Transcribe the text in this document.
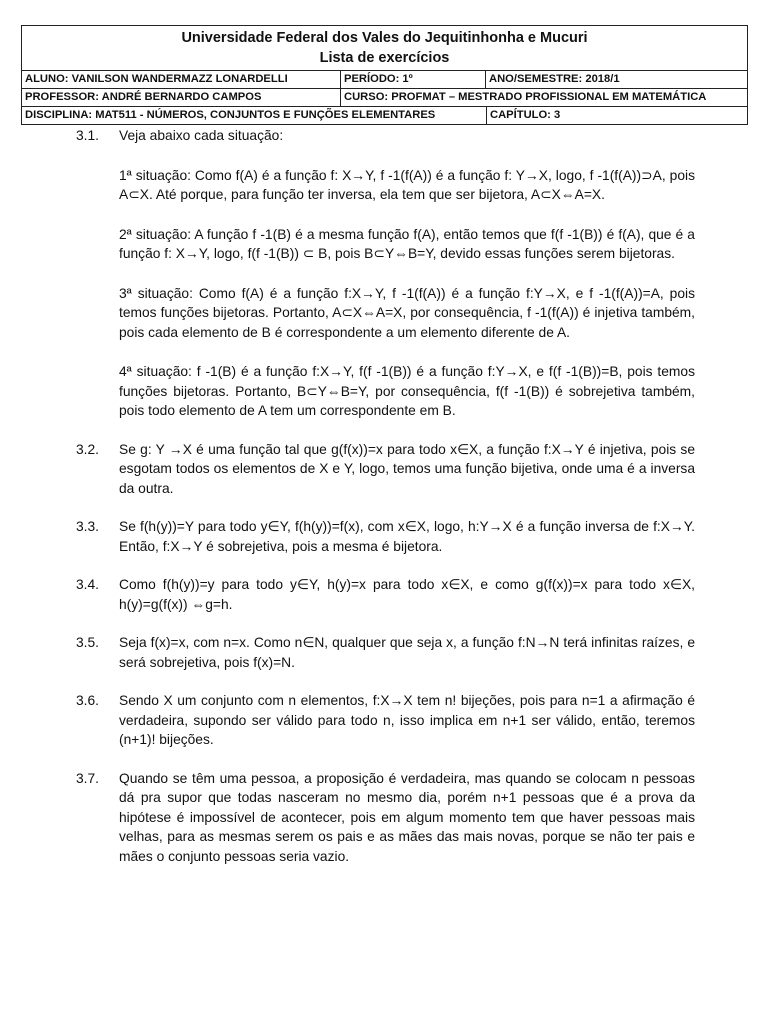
Universidade Federal dos Vales do Jequitinhonha e Mucuri
Lista de exercícios
ALUNO: VANILSON WANDERMAZZ LONARDELLI	PERÍODO: 1º	ANO/SEMESTRE: 2018/1
PROFESSOR: ANDRÉ BERNARDO CAMPOS	CURSO: PROFMAT – MESTRADO PROFISSIONAL EM MATEMÁTICA
DISCIPLINA: MAT511 - NÚMEROS, CONJUNTOS E FUNÇÕES ELEMENTARES	CAPÍTULO: 3
3.1. Veja abaixo cada situação:

1ª situação: Como f(A) é a função f: X→Y, f -1(f(A)) é a função f: Y→X, logo, f -1(f(A))⊃A, pois A⊂X. Até porque, para função ter inversa, ela tem que ser bijetora, A⊂X⇔A=X.

2ª situação: A função f -1(B) é a mesma função f(A), então temos que f(f -1(B)) é f(A), que é a função f: X→Y, logo, f(f -1(B)) ⊂ B, pois B⊂Y⇔B=Y, devido essas funções serem bijetoras.

3ª situação: Como f(A) é a função f:X→Y, f -1(f(A)) é a função f:Y→X, e f -1(f(A))=A, pois temos funções bijetoras. Portanto, A⊂X⇔A=X, por consequência, f -1(f(A)) é injetiva também, pois cada elemento de B é correspondente a um elemento diferente de A.

4ª situação: f -1(B) é a função f:X→Y, f(f -1(B)) é a função f:Y→X, e f(f -1(B))=B, pois temos funções bijetoras. Portanto, B⊂Y⇔B=Y, por consequência, f(f -1(B)) é sobrejetiva também, pois todo elemento de A tem um correspondente em B.

3.2. Se g: Y →X é uma função tal que g(f(x))=x para todo x∈X, a função f:X→Y é injetiva, pois se esgotam todos os elementos de X e Y, logo, temos uma função bijetiva, onde uma é a inversa da outra.

3.3. Se f(h(y))=Y para todo y∈Y, f(h(y))=f(x), com x∈X, logo, h:Y→X é a função inversa de f:X→Y. Então, f:X→Y é sobrejetiva, pois a mesma é bijetora.

3.4. Como f(h(y))=y para todo y∈Y, h(y)=x para todo x∈X, e como g(f(x))=x para todo x∈X, h(y)=g(f(x)) ⇔g=h.

3.5. Seja f(x)=x, com n=x. Como n∈N, qualquer que seja x, a função f:N→N terá infinitas raízes, e será sobrejetiva, pois f(x)=N.

3.6. Sendo X um conjunto com n elementos, f:X→X tem n! bijeções, pois para n=1 a afirmação é verdadeira, supondo ser válido para todo n, isso implica em n+1 ser válido, então, teremos (n+1)! bijeções.

3.7. Quando se têm uma pessoa, a proposição é verdadeira, mas quando se colocam n pessoas dá pra supor que todas nasceram no mesmo dia, porém n+1 pessoas que é a prova da hipótese é impossível de acontecer, pois em algum momento tem que haver pessoas mais velhas, para as mesmas serem os pais e as mães das mais novas, porque se não ter pais e mães o conjunto pessoas seria vazio.
